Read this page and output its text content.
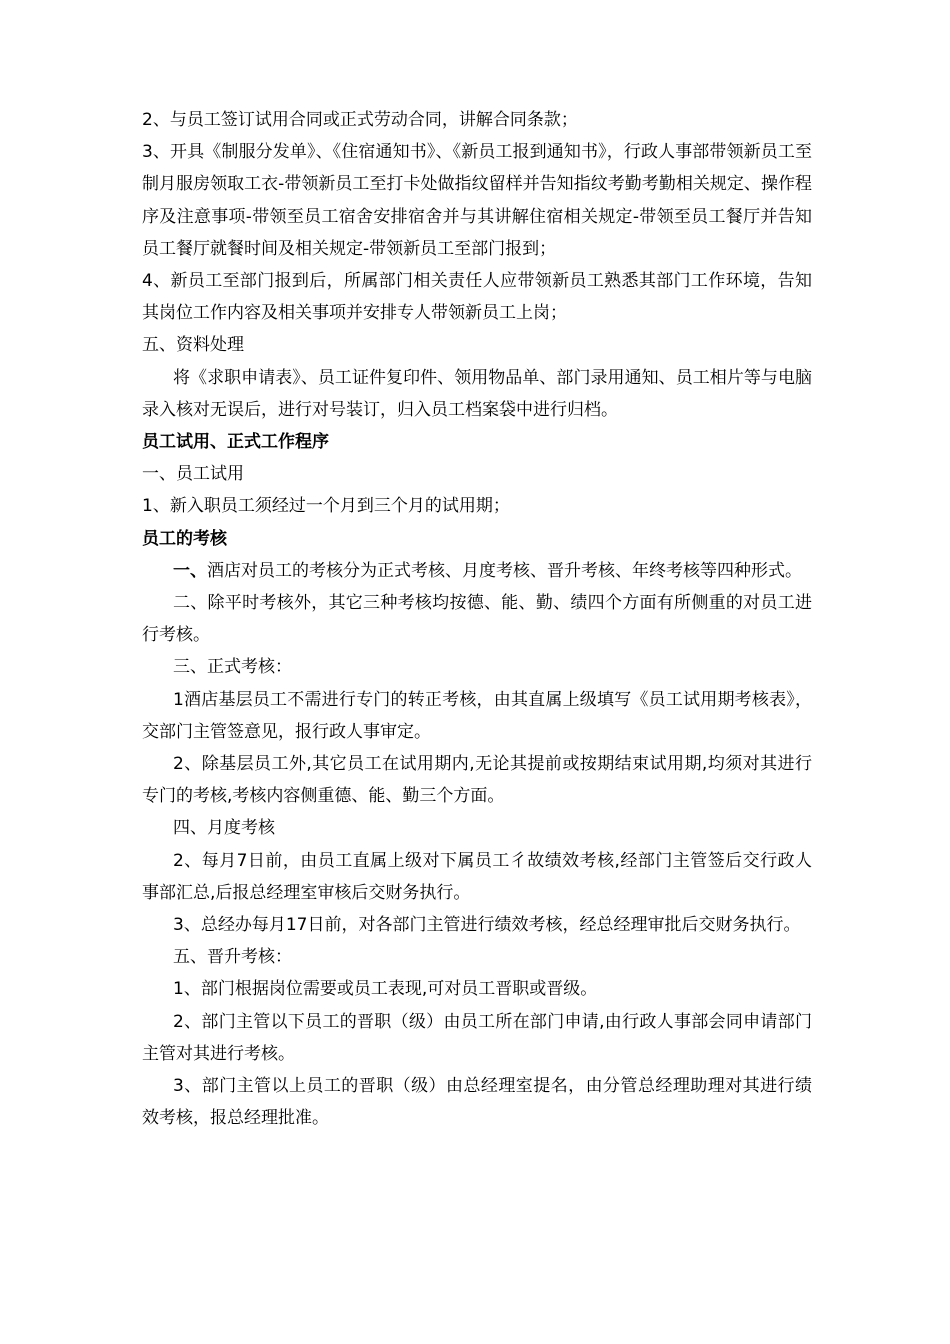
2、与员工签订试用合同或正式劳动合同，讲解合同条款；

3、开具《制服分发单》、《住宿通知书》、《新员工报到通知书》，行政人事部带领新员工至制月服房领取工衣-带领新员工至打卡处做指纹留样并告知指纹考勤考勤相关规定、操作程序及注意事项-带领至员工宿舍安排宿舍并与其讲解住宿相关规定-带领至员工餐厅并告知员工餐厅就餐时间及相关规定-带领新员工至部门报到；

4、新员工至部门报到后，所属部门相关责任人应带领新员工熟悉其部门工作环境，告知其岗位工作内容及相关事项并安排专人带领新员工上岗；

五、资料处理

将《求职申请表》、员工证件复印件、领用物品单、部门录用通知、员工相片等与电脑录入核对无误后，进行对号装订，归入员工档案袋中进行归档。

员工试用、正式工作程序

一、员工试用

1、新入职员工须经过一个月到三个月的试用期；

员工的考核

一、酒店对员工的考核分为正式考核、月度考核、晋升考核、年终考核等四种形式。

二、除平时考核外，其它三种考核均按德、能、勤、绩四个方面有所侧重的对员工进行考核。

三、正式考核：

1酒店基层员工不需进行专门的转正考核，由其直属上级填写《员工试用期考核表》，交部门主管签意见，报行政人事审定。

2、除基层员工外,其它员工在试用期内,无论其提前或按期结束试用期,均须对其进行专门的考核,考核内容侧重德、能、勤三个方面。

四、月度考核

2、每月7日前，由员工直属上级对下属员工彳故绩效考核,经部门主管签后交行政人事部汇总,后报总经理室审核后交财务执行。

3、总经办每月17日前，对各部门主管进行绩效考核，经总经理审批后交财务执行。

五、晋升考核：

1、部门根据岗位需要或员工表现,可对员工晋职或晋级。

2、部门主管以下员工的晋职（级）由员工所在部门申请,由行政人事部会同申请部门主管对其进行考核。

3、部门主管以上员工的晋职（级）由总经理室提名，由分管总经理助理对其进行绩效考核，报总经理批准。
